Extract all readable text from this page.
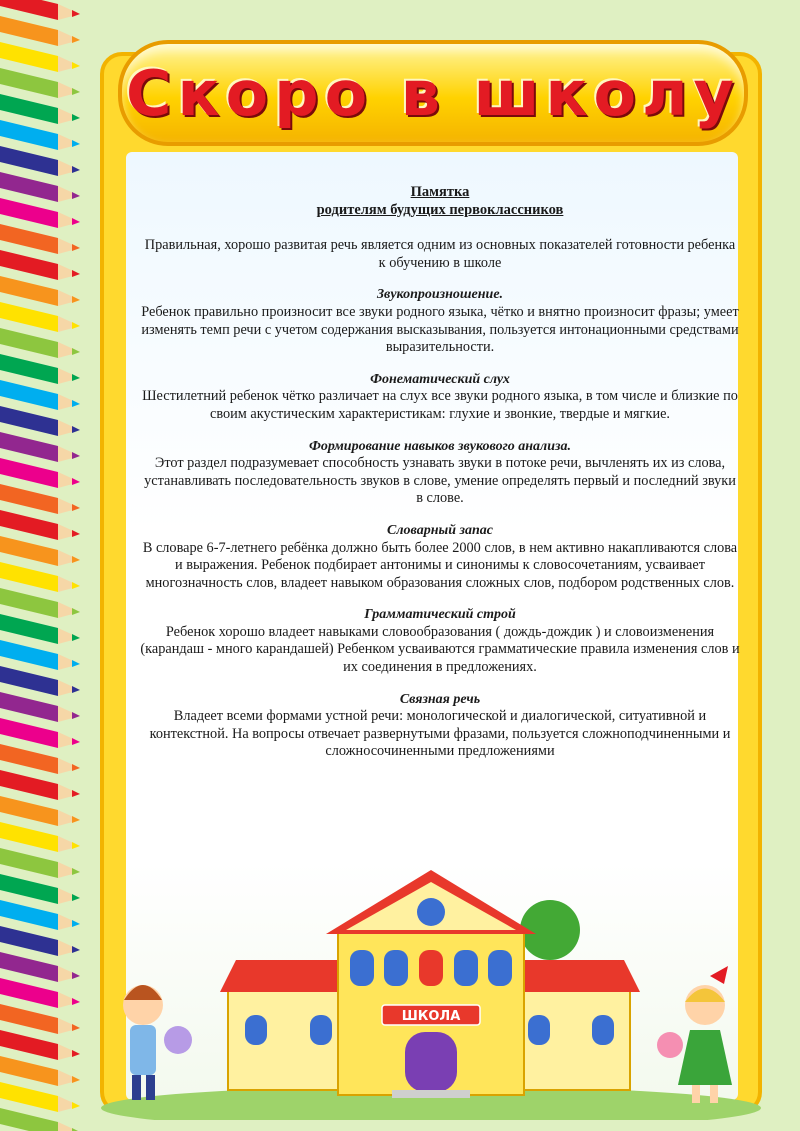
Скоро в школу

Памятка

родителям будущих первоклассников

Правильная, хорошо развитая речь является одним из основных показателей готовности ребенка к обучению в школе

Звукопроизношение.

Ребенок правильно произносит все звуки родного языка, чётко и внятно произносит фразы; умеет изменять темп речи с учетом содержания высказывания, пользуется интонационными средствами выразительности.

Фонематический слух

Шестилетний ребенок чётко различает на слух все звуки родного языка, в том числе и близкие по своим акустическим характеристикам: глухие и звонкие, твердые и мягкие.

Формирование навыков звукового анализа.

Этот раздел подразумевает способность узнавать звуки в потоке речи, вычленять их из слова, устанавливать последовательность звуков в слове, умение определять первый и последний звуки в слове.

Словарный запас

В словаре 6-7-летнего ребёнка должно быть более 2000 слов, в нем активно накапливаются слова и выражения. Ребенок подбирает антонимы и синонимы к словосочетаниям, усваивает многозначность слов, владеет навыком образования сложных слов, подбором родственных слов.

Грамматический строй

Ребенок хорошо владеет навыками словообразования ( дождь-дождик ) и словоизменения (карандаш - много карандашей) Ребенком усваиваются грамматические правила изменения слов и их соединения в предложениях.

Связная речь

Владеет всеми формами устной речи: монологической и диалогической, ситуативной и контекстной. На вопросы отвечает развернутыми фразами, пользуется сложноподчиненными и сложносочиненными предложениями

ШКОЛА
